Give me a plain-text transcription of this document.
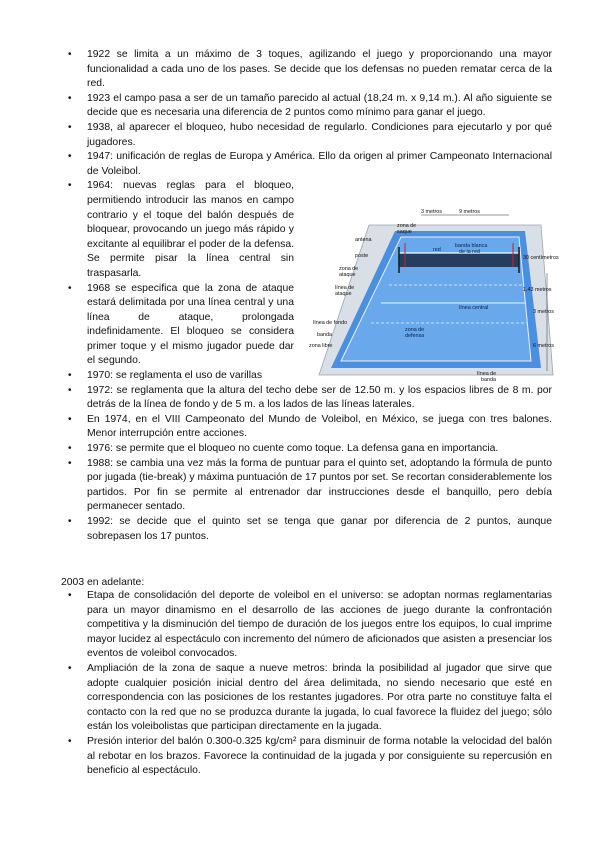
• 1922 se limita a un máximo de 3 toques, agilizando el juego y proporcionando una mayor funcionalidad a cada uno de los pases. Se decide que los defensas no pueden rematar cerca de la red.
• 1923 el campo pasa a ser de un tamaño parecido al actual (18,24 m. x 9,14 m.). Al año siguiente se decide que es necesaria una diferencia de 2 puntos como mínimo para ganar el juego.
• 1938, al aparecer el bloqueo, hubo necesidad de regularlo. Condiciones para ejecutarlo y por qué jugadores.
• 1947: unificación de reglas de Europa y América. Ello da origen al primer Campeonato Internacional de Voleibol.
• 1964: nuevas reglas para el bloqueo, permitiendo introducir las manos en campo contrario y el toque del balón después de bloquear, provocando un juego más rápido y excitante al equilibrar el poder de la defensa. Se permite pisar la línea central sin traspasarla.
• 1968 se especifica que la zona de ataque estará delimitada por una línea central y una línea de ataque, prolongada indefinidamente. El bloqueo se considera primer toque y el mismo jugador puede dar el segundo.
• 1970: se reglamenta el uso de varillas
• 1972: se reglamenta que la altura del techo debe ser de 12.50 m. y los espacios libres de 8 m. por detrás de la línea de fondo y de 5 m. a los lados de las líneas laterales.
• En 1974, en el VIII Campeonato del Mundo de Voleibol, en México, se juega con tres balones. Menor interrupción entre acciones.
• 1976: se permite que el bloqueo no cuente como toque. La defensa gana en importancia.
• 1988: se cambia una vez más la forma de puntuar para el quinto set, adoptando la fórmula de punto por jugada (tie-break) y máxima puntuación de 17 puntos por set. Se recortan considerablemente los partidos. Por fin se permite al entrenador dar instrucciones desde el banquillo, pero debía permanecer sentado.
• 1992: se decide que el quinto set se tenga que ganar por diferencia de 2 puntos, aunque sobrepasen los 17 puntos.
2003 en adelante:
• Etapa de consolidación del deporte de voleibol en el universo: se adoptan normas reglamentarias para un mayor dinamismo en el desarrollo de las acciones de juego durante la confrontación competitiva y la disminución del tiempo de duración de los juegos entre los equipos, lo cual imprime mayor lucidez al espectáculo con incremento del número de aficionados que asisten a presenciar los eventos de voleibol convocados.
• Ampliación de la zona de saque a nueve metros: brinda la posibilidad al jugador que sirve que adopte cualquier posición inicial dentro del área delimitada, no siendo necesario que esté en correspondencia con las posiciones de los restantes jugadores. Por otra parte no constituye falta el contacto con la red que no se produzca durante la jugada, lo cual favorece la fluidez del juego; sólo están los voleibolistas que participan directamente en la jugada.
• Presión interior del balón 0.300-0.325 kg/cm² para disminuir de forma notable la velocidad del balón al rebotar en los brazos. Favorece la continuidad de la jugada y por consiguiente su repercusión en beneficio al espectáculo.
3 metros	9 metros
zona de
saque
antena
poste
red
banda blanca
de la red
30 centímetros
zona de
ataque
línea de
ataque
1,43 metros
línea central
3 metros
línea de fondo
banda
zona libre
zona de
defensa
6 metros
línea de
banda
